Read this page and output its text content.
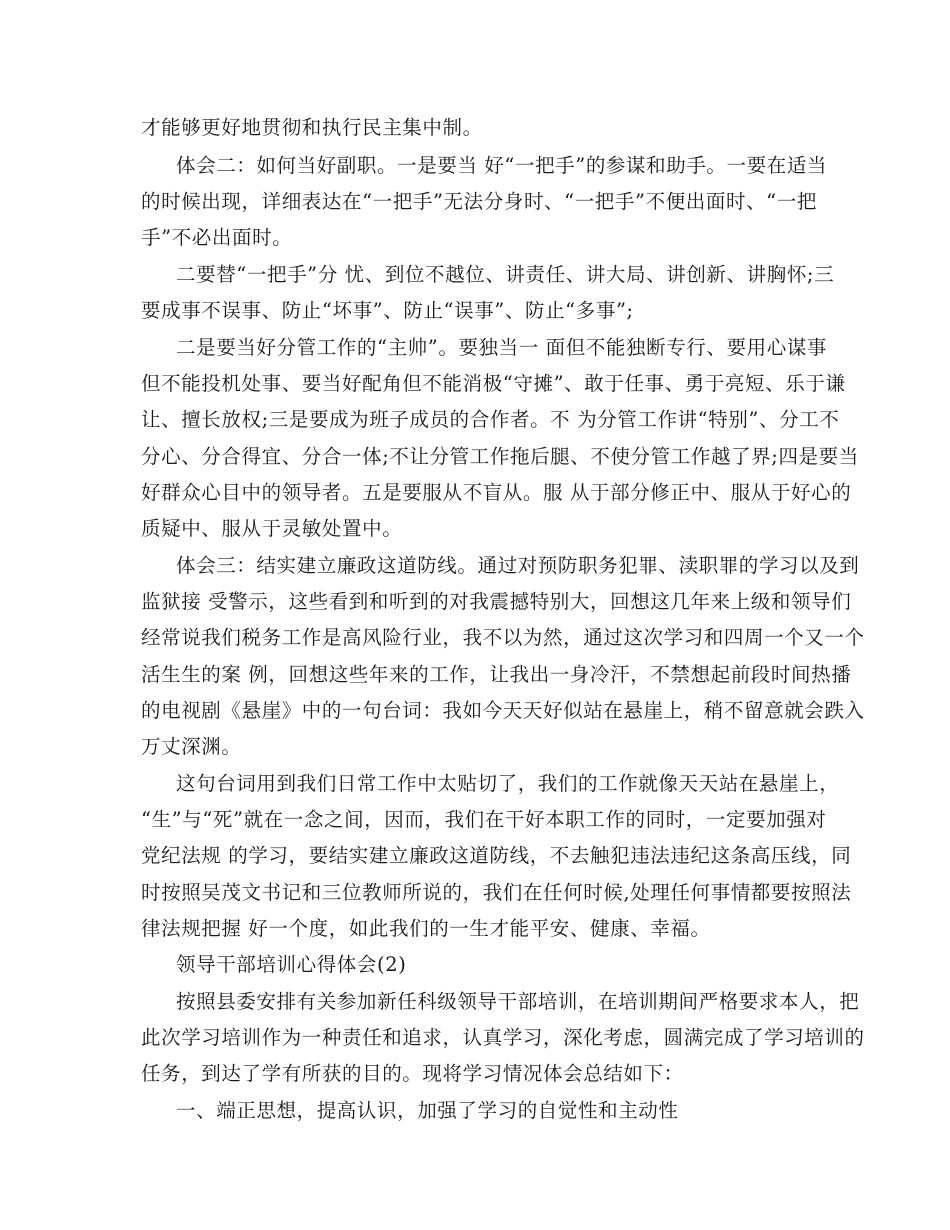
才能够更好地贯彻和执行民主集中制。
体会二：如何当好副职。一是要当 好“一把手”的参谋和助手。一要在适当
的时候出现，详细表达在“一把手”无法分身时、“一把手”不便出面时、“一把
手”不必出面时。
二要替“一把手”分 忧、到位不越位、讲责任、讲大局、讲创新、讲胸怀;三
要成事不误事、防止“坏事”、防止“误事”、防止“多事”;
二是要当好分管工作的“主帅”。要独当一 面但不能独断专行、要用心谋事
但不能投机处事、要当好配角但不能消极“守摊”、敢于任事、勇于亮短、乐于谦
让、擅长放权;三是要成为班子成员的合作者。不 为分管工作讲“特别”、分工不
分心、分合得宜、分合一体;不让分管工作拖后腿、不使分管工作越了界;四是要当
好群众心目中的领导者。五是要服从不盲从。服 从于部分修正中、服从于好心的
质疑中、服从于灵敏处置中。
体会三：结实建立廉政这道防线。通过对预防职务犯罪、渎职罪的学习以及到
监狱接 受警示，这些看到和听到的对我震撼特别大，回想这几年来上级和领导们
经常说我们税务工作是高风险行业，我不以为然，通过这次学习和四周一个又一个
活生生的案 例，回想这些年来的工作，让我出一身冷汗，不禁想起前段时间热播
的电视剧《悬崖》中的一句台词：我如今天天好似站在悬崖上，稍不留意就会跌入
万丈深渊。
这句台词用到我们日常工作中太贴切了，我们的工作就像天天站在悬崖上，
“生”与“死”就在一念之间，因而，我们在干好本职工作的同时，一定要加强对
党纪法规 的学习，要结实建立廉政这道防线，不去触犯违法违纪这条高压线，同
时按照吴茂文书记和三位教师所说的，我们在任何时候,处理任何事情都要按照法
律法规把握 好一个度，如此我们的一生才能平安、健康、幸福。
领导干部培训心得体会(2)
按照县委安排有关参加新任科级领导干部培训，在培训期间严格要求本人，把
此次学习培训作为一种责任和追求，认真学习，深化考虑，圆满完成了学习培训的
任务，到达了学有所获的目的。现将学习情况体会总结如下：
一、端正思想，提高认识，加强了学习的自觉性和主动性
